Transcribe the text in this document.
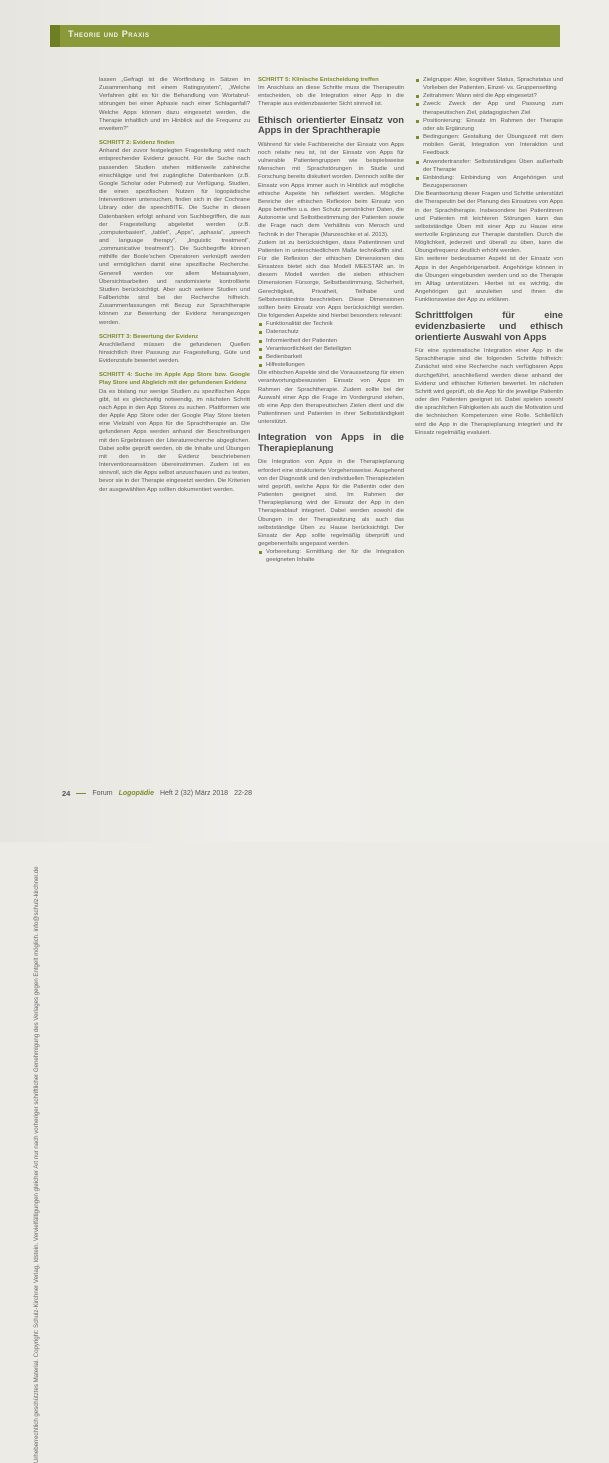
Theorie und Praxis
Urheberrechtlich geschütztes Material. Copyright: Schulz-Kirchner Verlag, Idstein. Vervielfältigungen gleicher Art nur nach vorheriger schriftlicher Genehmigung des Verlages gegen Entgelt möglich. info@schulz-kirchner.de

lassen „Gefragt ist die Wortfindung in Sätzen im Zusammenhang mit einem Ratingsystem“, „Welche Verfahren gibt es für die Behandlung von Wortabrufstörungen bei einer Aphasie nach einer Schlaganfall? Welche Apps können dazu eingesetzt werden, die Therapie inhaltlich und im Hinblick auf die Frequenz zu erweitern?“

SCHRITT 2: Evidenz finden

Anhand der zuvor festgelegten Fragestellung wird nach entsprechender Evidenz gesucht. Für die Suche nach passenden Studien stehen mittlerweile zahlreiche einschlägige und frei zugängliche Datenbanken (z.B. Google Scholar oder Pubmed) zur Verfügung. Studien, die einen spezifischen Nutzen für logopädische Interventionen untersuchen, finden sich in der Cochrane Library oder die speechBITE. Die Suche in diesen Datenbanken erfolgt anhand von Suchbegriffen, die aus der Fragestellung abgeleitet werden (z.B. „computerbasiert“, „tablet“, „Apps“, „aphasia“, „speech and language therapy“, „linguistic treatment“, „communicative treatment“). Die Suchbegriffe können mithilfe der Boole’schen Operatoren verknüpft werden und ermöglichen damit eine spezifische Recherche. Generell werden vor allem Metaanalysen, Übersichtsarbeiten und randomisierte kontrollierte Studien berücksichtigt. Aber auch weitere Studien und Fallberichte sind bei der Recherche hilfreich. Zusammenfassungen mit Bezug zur Sprachtherapie können zur Bewertung der Evidenz herangezogen werden.

SCHRITT 3: Bewertung der Evidenz

Anschließend müssen die gefundenen Quellen hinsichtlich ihrer Passung zur Fragestellung, Güte und Evidenzstufe bewertet werden.

SCHRITT 4: Suche im Apple App Store bzw. Google Play Store und Abgleich mit der gefundenen Evidenz

Da es bislang nur wenige Studien zu spezifischen Apps gibt, ist es gleichzeitig notwendig, im nächsten Schritt nach Apps in den App Stores zu suchen. Plattformen wie der Apple App Store oder der Google Play Store bieten eine Vielzahl von Apps für die Sprachtherapie an. Die gefundenen Apps werden anhand der Beschreibungen mit den Ergebnissen der Literaturrecherche abgeglichen. Dabei sollte geprüft werden, ob die Inhalte und Übungen mit den in der Evidenz beschriebenen Interventionsansätzen übereinstimmen. Zudem ist es sinnvoll, sich die Apps selbst anzuschauen und zu testen, bevor sie in der Therapie eingesetzt werden. Die Kriterien der ausgewählten App sollten dokumentiert werden.

SCHRITT 5: Klinische Entscheidung treffen

Im Anschluss an diese Schritte muss die Therapeutin entscheiden, ob die Integration einer App in die Therapie aus evidenzbasierter Sicht sinnvoll ist.

Ethisch orientierter Einsatz von Apps in der Sprachtherapie

Während für viele Fachbereiche der Einsatz von Apps noch relativ neu ist, ist der Einsatz von Apps für vulnerable Patientengruppen wie beispielsweise Menschen mit Sprachstörungen in Studie und Forschung bereits diskutiert worden. Dennoch sollte der Einsatz von Apps immer auch in Hinblick auf mögliche ethische Aspekte hin reflektiert werden. Mögliche Bereiche der ethischen Reflexion beim Einsatz von Apps betreffen u.a. den Schutz persönlicher Daten, die Autonomie und Selbstbestimmung der Patienten sowie die Frage nach dem Verhältnis von Mensch und Technik in der Therapie (Manzeschke et al. 2013).

Zudem ist zu berücksichtigen, dass Patientinnen und Patienten in unterschiedlichem Maße technikaffin sind. Für die Reflexion der ethischen Dimensionen des Einsatzes bietet sich das Modell MEESTAR an. In diesem Modell werden die sieben ethischen Dimensionen Fürsorge, Selbstbestimmung, Sicherheit, Gerechtigkeit, Privatheit, Teilhabe und Selbstverständnis beschrieben. Diese Dimensionen sollten beim Einsatz von Apps berücksichtigt werden. Die folgenden Aspekte sind hierbei besonders relevant:

Funktionalität der Technik
Datenschutz
Informiertheit der Patienten
Verantwortlichkeit der Beteiligten
Bedienbarkeit
Hilfestellungen

Die ethischen Aspekte sind die Voraussetzung für einen verantwortungsbewussten Einsatz von Apps im Rahmen der Sprachtherapie. Zudem sollte bei der Auswahl einer App die Frage im Vordergrund stehen, ob eine App den therapeutischen Zielen dient und die Patientinnen und Patienten in ihrer Selbstständigkeit unterstützt.

Integration von Apps in die Therapieplanung

Die Integration von Apps in die Therapieplanung erfordert eine strukturierte Vorgehensweise. Ausgehend von der Diagnostik und den individuellen Therapiezielen wird geprüft, welche Apps für die Patientin oder den Patienten geeignet sind. Im Rahmen der Therapieplanung wird der Einsatz der App in den Therapieablauf integriert. Dabei werden sowohl die Übungen in der Therapiesitzung als auch das selbstständige Üben zu Hause berücksichtigt. Der Einsatz der App sollte regelmäßig überprüft und gegebenenfalls angepasst werden.

Vorbereitung: Ermittlung der für die Integration geeigneten Inhalte
Zielgruppe: Alter, kognitiver Status, Sprachstatus und Vorlieben der Patienten, Einzel- vs. Gruppensetting
Zeitrahmen: Wann wird die App eingesetzt?
Zweck: Zweck der App und Passung zum therapeutischen Ziel, pädagogischen Ziel
Positionierung: Einsatz im Rahmen der Therapie oder als Ergänzung
Bedingungen: Gestaltung der Übungszeit mit dem mobilen Gerät, Integration von Interaktion und Feedback
Anwendertransfer: Selbstständiges Üben außerhalb der Therapie
Einbindung: Einbindung von Angehörigen und Bezugspersonen

Die Beantwortung dieser Fragen und Schritte unterstützt die Therapeutin bei der Planung des Einsatzes von Apps in der Sprachtherapie. Insbesondere bei Patientinnen und Patienten mit leichteren Störungen kann das selbstständige Üben mit einer App zu Hause eine wertvolle Ergänzung zur Therapie darstellen. Durch die Möglichkeit, jederzeit und überall zu üben, kann die Übungsfrequenz deutlich erhöht werden.

Ein weiterer bedeutsamer Aspekt ist der Einsatz von Apps in der Angehörigenarbeit. Angehörige können in die Übungen eingebunden werden und so die Therapie im Alltag unterstützen. Hierbei ist es wichtig, die Angehörigen gut anzuleiten und ihnen die Funktionsweise der App zu erklären.

Schrittfolgen für eine evidenzbasierte und ethisch orientierte Auswahl von Apps

Für eine systematische Integration einer App in die Sprachtherapie sind die folgenden Schritte hilfreich: Zunächst wird eine Recherche nach verfügbaren Apps durchgeführt, anschließend werden diese anhand der Evidenz und ethischer Kriterien bewertet. Im nächsten Schritt wird geprüft, ob die App für die jeweilige Patientin oder den Patienten geeignet ist. Dabei spielen sowohl die sprachlichen Fähigkeiten als auch die Motivation und die technischen Kompetenzen eine Rolle. Schließlich wird die App in die Therapieplanung integriert und ihr Einsatz regelmäßig evaluiert.

24	Forum Logopädie Heft 2 (32) März 2018 22-28
